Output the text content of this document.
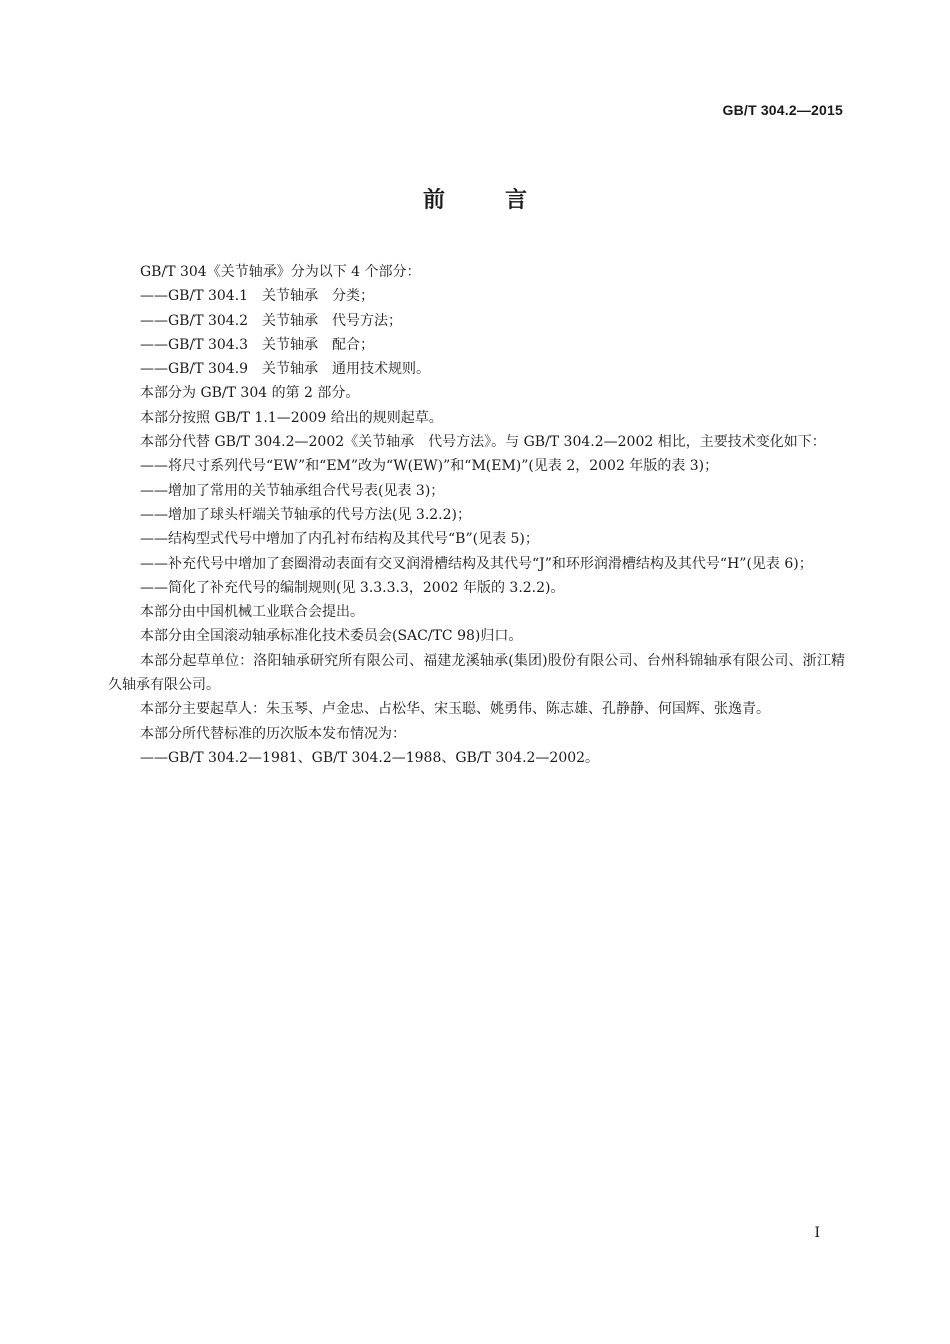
GB/T 304.2—2015
前言

GB/T 304《关节轴承》分为以下 4 个部分：

——GB/T 304.1　关节轴承　分类；

——GB/T 304.2　关节轴承　代号方法；

——GB/T 304.3　关节轴承　配合；

——GB/T 304.9　关节轴承　通用技术规则。

本部分为 GB/T 304 的第 2 部分。

本部分按照 GB/T 1.1—2009 给出的规则起草。

本部分代替 GB/T 304.2—2002《关节轴承　代号方法》。与 GB/T 304.2—2002 相比，主要技术变化如下：

——将尺寸系列代号“EW”和“EM”改为“W(EW)”和“M(EM)”(见表 2，2002 年版的表 3)；

——增加了常用的关节轴承组合代号表(见表 3)；

——增加了球头杆端关节轴承的代号方法(见 3.2.2)；

——结构型式代号中增加了内孔衬布结构及其代号“B”(见表 5)；

——补充代号中增加了套圈滑动表面有交叉润滑槽结构及其代号“J”和环形润滑槽结构及其代号“H”(见表 6)；

——简化了补充代号的编制规则(见 3.3.3.3，2002 年版的 3.2.2)。

本部分由中国机械工业联合会提出。

本部分由全国滚动轴承标准化技术委员会(SAC/TC 98)归口。

本部分起草单位：洛阳轴承研究所有限公司、福建龙溪轴承(集团)股份有限公司、台州科锦轴承有限公司、浙江精久轴承有限公司。

本部分主要起草人：朱玉琴、卢金忠、占松华、宋玉聪、姚勇伟、陈志雄、孔静静、何国辉、张逸青。

本部分所代替标准的历次版本发布情况为：

——GB/T 304.2—1981、GB/T 304.2—1988、GB/T 304.2—2002。

I
